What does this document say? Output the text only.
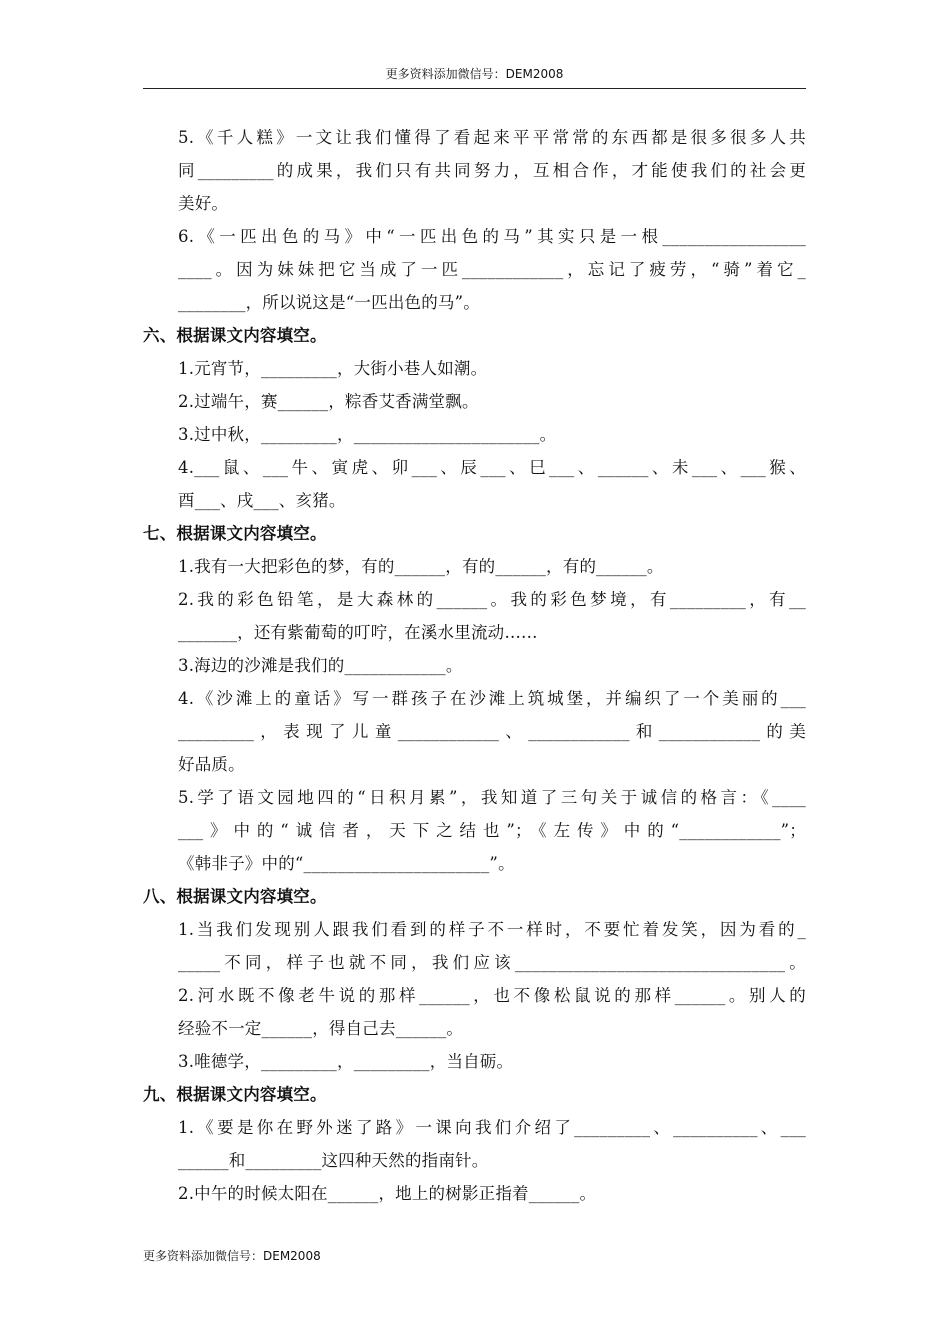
更多资料添加微信号：DEM2008
5.《千人糕》一文让我们懂得了看起来平平常常的东西都是很多很多人共
同_________的成果，我们只有共同努力，互相合作，才能使我们的社会更
美好。
6.《一匹出色的马》中“一匹出色的马”其实只是一根_________________
____。因为妹妹把它当成了一匹____________，忘记了疲劳，“骑”着它_
________，所以说这是“一匹出色的马”。
六、根据课文内容填空。
1.元宵节，_________，大街小巷人如潮。
2.过端午，赛______，粽香艾香满堂飘。
3.过中秋，_________，______________________。
4.___鼠、___牛、寅虎、卯___、辰___、巳___、______、未___、___猴、
酉___、戌___、亥猪。
七、根据课文内容填空。
1.我有一大把彩色的梦，有的______，有的______，有的______。
2.我的彩色铅笔，是大森林的______。我的彩色梦境，有_________，有__
_______，还有紫葡萄的叮咛，在溪水里流动……
3.海边的沙滩是我们的____________。
4.《沙滩上的童话》写一群孩子在沙滩上筑城堡，并编织了一个美丽的___
_________，表现了儿童____________、____________和____________的美
好品质。
5.学了语文园地四的“日积月累”，我知道了三句关于诚信的格言：《____
___》中的“诚信者，天下之结也”；《左传》中的“____________”；
《韩非子》中的“______________________”。
八、根据课文内容填空。
1.当我们发现别人跟我们看到的样子不一样时，不要忙着发笑，因为看的_
_____不同，样子也就不同，我们应该________________________________。
2.河水既不像老牛说的那样______，也不像松鼠说的那样______。别人的
经验不一定______，得自己去______。
3.唯德学，_________，_________，当自砺。
九、根据课文内容填空。
1.《要是你在野外迷了路》一课向我们介绍了_________、__________、___
______和_________这四种天然的指南针。
2.中午的时候太阳在______，地上的树影正指着______。
更多资料添加微信号：DEM2008
